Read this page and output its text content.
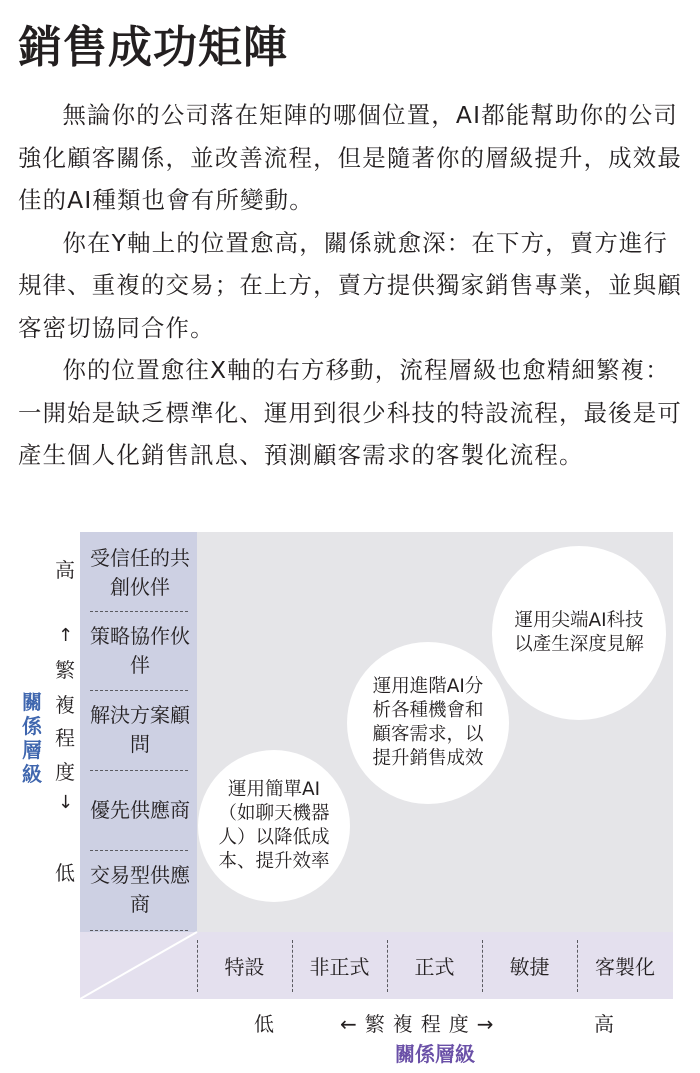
銷售成功矩陣

無論你的公司落在矩陣的哪個位置，AI都能幫助你的公司強化顧客關係，並改善流程，但是隨著你的層級提升，成效最佳的AI種類也會有所變動。

你在Y軸上的位置愈高，關係就愈深：在下方，賣方進行規律、重複的交易；在上方，賣方提供獨家銷售專業，並與顧客密切協同合作。

你的位置愈往X軸的右方移動，流程層級也愈精細繁複：一開始是缺乏標準化、運用到很少科技的特設流程，最後是可產生個人化銷售訊息、預測顧客需求的客製化流程。

受信任的共創伙伴
策略協作伙伴
解決方案顧問
優先供應商
交易型供應商
特設	非正式	正式	敏捷	客製化
運用簡單AI（如聊天機器人）以降低成本、提升效率
運用進階AI分析各種機會和顧客需求，以提升銷售成效
運用尖端AI科技以產生深度見解
高
↑
繁
複
程
度
↓
低
關係層級
低	←繁複程度→	高
關係層級
